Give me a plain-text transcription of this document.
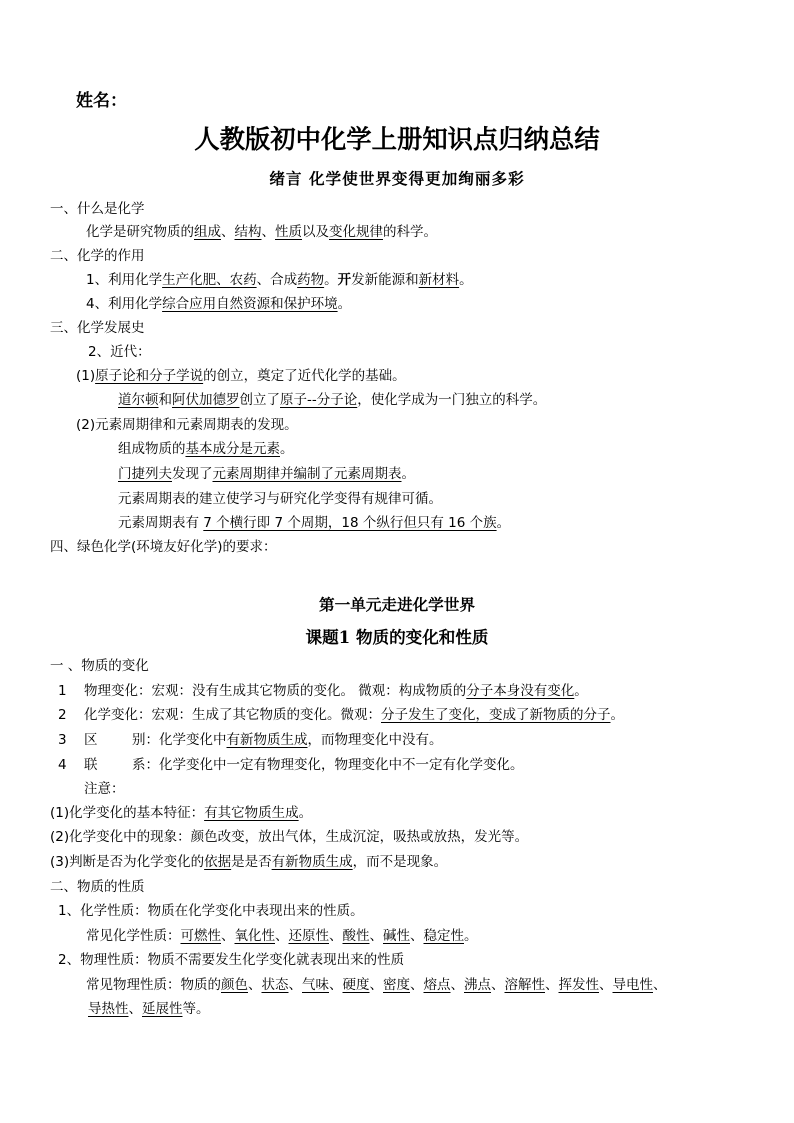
姓名：
人教版初中化学上册知识点归纳总结
绪言 化学使世界变得更加绚丽多彩
一、什么是化学
化学是研究物质的组成、结构、性质以及变化规律的科学。
二、化学的作用
1、利用化学生产化肥、农药、合成药物。开发新能源和新材料。
4、利用化学综合应用自然资源和保护环境。
三、化学发展史
2、近代：
(1)原子论和分子学说的创立，奠定了近代化学的基础。
道尔顿和阿伏加德罗创立了原子--分子论，使化学成为一门独立的科学。
(2)元素周期律和元素周期表的发现。
组成物质的基本成分是元素。
门捷列夫发现了元素周期律并编制了元素周期表。
元素周期表的建立使学习与研究化学变得有规律可循。
元素周期表有 7 个横行即 7 个周期，18 个纵行但只有 16 个族。
四、绿色化学(环境友好化学)的要求：
第一单元走进化学世界
课题1 物质的变化和性质
一 、物质的变化
1 物理变化：宏观：没有生成其它物质的变化。 微观：构成物质的分子本身没有变化。
2 化学变化：宏观：生成了其它物质的变化。微观：分子发生了变化，变成了新物质的分子。
3 区	别：化学变化中有新物质生成，而物理变化中没有。
4 联	系：化学变化中一定有物理变化，物理变化中不一定有化学变化。
注意：
(1)化学变化的基本特征：有其它物质生成。
(2)化学变化中的现象：颜色改变，放出气体，生成沉淀，吸热或放热，发光等。
(3)判断是否为化学变化的依据是是否有新物质生成，而不是现象。
二、物质的性质
1、化学性质：物质在化学变化中表现出来的性质。
常见化学性质：可燃性、氧化性、还原性、酸性、碱性、稳定性。
2、物理性质：物质不需要发生化学变化就表现出来的性质
常见物理性质：物质的颜色、状态、气味、硬度、密度、熔点、沸点、溶解性、挥发性、导电性、
导热性、延展性等。
